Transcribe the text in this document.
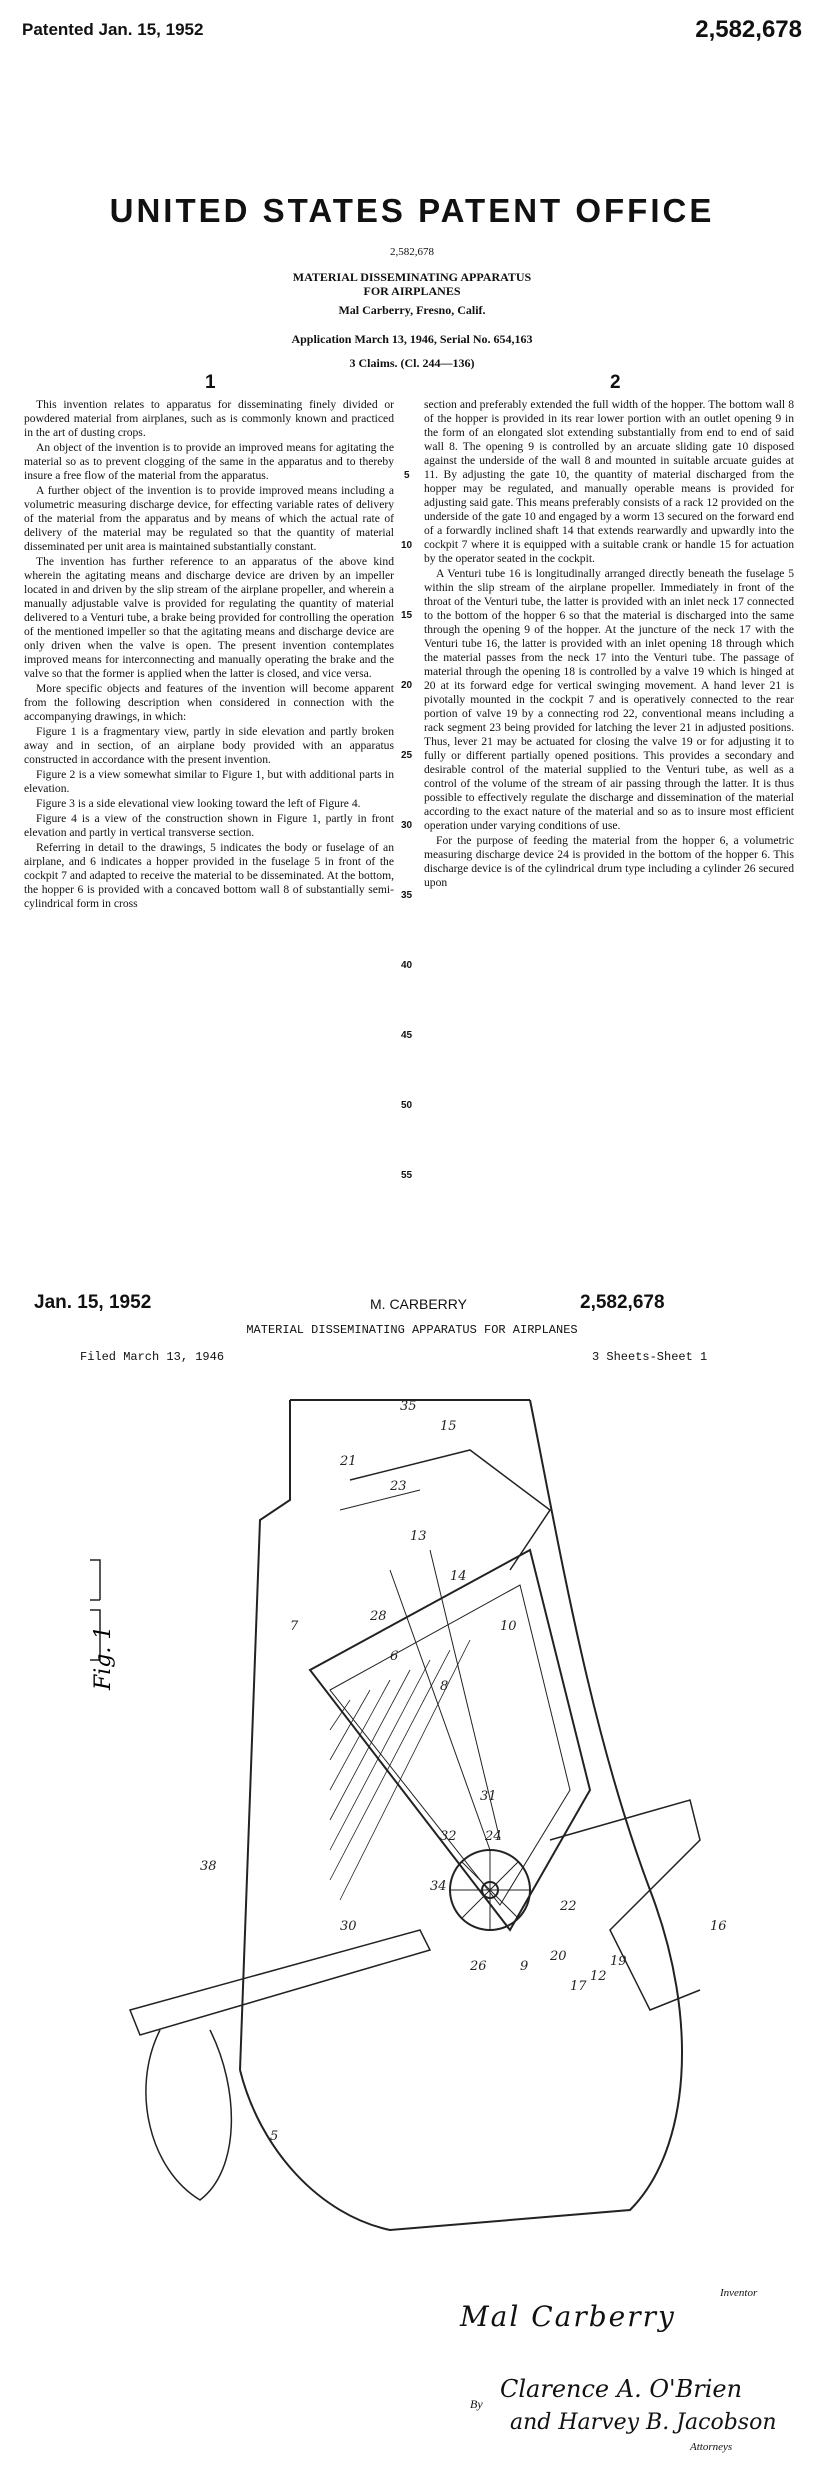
Patented Jan. 15, 1952	2,582,678
UNITED STATES PATENT OFFICE
2,582,678
MATERIAL DISSEMINATING APPARATUS
FOR AIRPLANES
Mal Carberry, Fresno, Calif.
Application March 13, 1946, Serial No. 654,163
3 Claims. (Cl. 244—136)
1	2

This invention relates to apparatus for disseminating finely divided or powdered material from airplanes, such as is commonly known and practiced in the art of dusting crops.

An object of the invention is to provide an improved means for agitating the material so as to prevent clogging of the same in the apparatus and to thereby insure a free flow of the material from the apparatus.

A further object of the invention is to provide improved means including a volumetric measuring discharge device, for effecting variable rates of delivery of the material from the apparatus and by means of which the actual rate of delivery of the material may be regulated so that the quantity of material disseminated per unit area is maintained substantially constant.

The invention has further reference to an apparatus of the above kind wherein the agitating means and discharge device are driven by an impeller located in and driven by the slip stream of the airplane propeller, and wherein a manually adjustable valve is provided for regulating the quantity of material delivered to a Venturi tube, a brake being provided for controlling the operation of the mentioned impeller so that the agitating means and discharge device are only driven when the valve is open. The present invention contemplates improved means for interconnecting and manually operating the brake and the valve so that the former is applied when the latter is closed, and vice versa.

More specific objects and features of the invention will become apparent from the following description when considered in connection with the accompanying drawings, in which:

Figure 1 is a fragmentary view, partly in side elevation and partly broken away and in section, of an airplane body provided with an apparatus constructed in accordance with the present invention.

Figure 2 is a view somewhat similar to Figure 1, but with additional parts in elevation.

Figure 3 is a side elevational view looking toward the left of Figure 4.

Figure 4 is a view of the construction shown in Figure 1, partly in front elevation and partly in vertical transverse section.

Referring in detail to the drawings, 5 indicates the body or fuselage of an airplane, and 6 indicates a hopper provided in the fuselage 5 in front of the cockpit 7 and adapted to receive the material to be disseminated. At the bottom, the hopper 6 is provided with a concaved bottom wall 8 of substantially semi-cylindrical form in cross

section and preferably extended the full width of the hopper. The bottom wall 8 of the hopper is provided in its rear lower portion with an outlet opening 9 in the form of an elongated slot extending substantially from end to end of said wall 8. The opening 9 is controlled by an arcuate sliding gate 10 disposed against the underside of the wall 8 and mounted in suitable arcuate guides at 11. By adjusting the gate 10, the quantity of material discharged from the hopper may be regulated, and manually operable means is provided for adjusting said gate. This means preferably consists of a rack 12 provided on the underside of the gate 10 and engaged by a worm 13 secured on the forward end of a forwardly inclined shaft 14 that extends rearwardly and upwardly into the cockpit 7 where it is equipped with a suitable crank or handle 15 for actuation by the operator seated in the cockpit.

A Venturi tube 16 is longitudinally arranged directly beneath the fuselage 5 within the slip stream of the airplane propeller. Immediately in front of the throat of the Venturi tube, the latter is provided with an inlet neck 17 connected to the bottom of the hopper 6 so that the material is discharged into the same through the opening 9 of the hopper. At the juncture of the neck 17 with the Venturi tube 16, the latter is provided with an inlet opening 18 through which the material passes from the neck 17 into the Venturi tube. The passage of material through the opening 18 is controlled by a valve 19 which is hinged at 20 at its forward edge for vertical swinging movement. A hand lever 21 is pivotally mounted in the cockpit 7 and is operatively connected to the rear portion of valve 19 by a connecting rod 22, conventional means including a rack segment 23 being provided for latching the lever 21 in adjusted positions. Thus, lever 21 may be actuated for closing the valve 19 or for adjusting it to fully or different partially opened positions. This provides a secondary and desirable control of the material supplied to the Venturi tube, as well as a control of the volume of the stream of air passing through the latter. It is thus possible to effectively regulate the discharge and dissemination of the material according to the exact nature of the material and so as to insure most efficient operation under varying conditions of use.

For the purpose of feeding the material from the hopper 6, a volumetric measuring discharge device 24 is provided in the bottom of the hopper 6. This discharge device is of the cylindrical drum type including a cylinder 26 secured upon

5
10
15
20
25
30
35
40
45
50
55
Jan. 15, 1952	M. CARBERRY	2,582,678
MATERIAL DISSEMINATING APPARATUS FOR AIRPLANES
Filed March 13, 1946	3 Sheets-Sheet 1
Fig. 1
5
6
7
8
9
10
12
13
14
15
16
17
19
20
21
22
23
24
26
28
30
31
32
34
35
38
Inventor
Mal Carberry
By
Clarence A. O'Brien
and Harvey B. Jacobson
Attorneys
